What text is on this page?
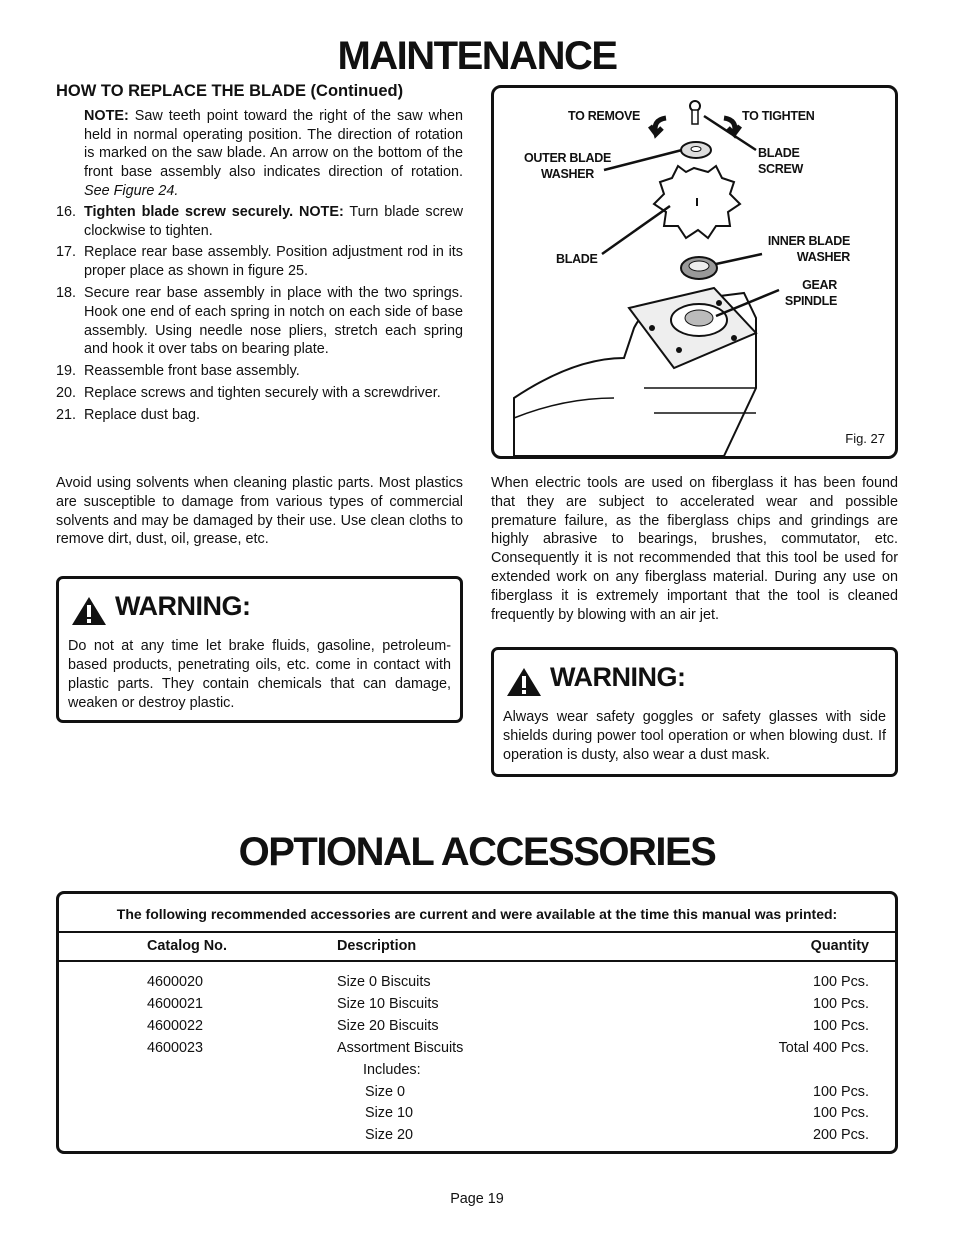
MAINTENANCE
HOW TO REPLACE THE BLADE (Continued)

NOTE: Saw teeth point toward the right of the saw when held in normal operating position. The direction of rotation is marked on the saw blade. An arrow on the bottom of the front base assembly also indicates direction of rotation. See Figure 24.

16. Tighten blade screw securely. NOTE: Turn blade screw clockwise to tighten.
17. Replace rear base assembly. Position adjustment rod in its proper place as shown in figure 25.
18. Secure rear base assembly in place with the two springs. Hook one end of each spring in notch on each side of base assembly. Using needle nose pliers, stretch each spring and hook it over tabs on bearing plate.
19. Reassemble front base assembly.
20. Replace screws and tighten securely with a screwdriver.
21. Replace dust bag.
TO REMOVE	TO TIGHTEN
OUTER BLADE
WASHER
BLADE
SCREW
BLADE
INNER BLADE
WASHER
GEAR
SPINDLE
Fig. 27
Avoid using solvents when cleaning plastic parts. Most plastics are susceptible to damage from various types of commercial solvents and may be damaged by their use. Use clean cloths to remove dirt, dust, oil, grease, etc.
When electric tools are used on fiberglass it has been found that they are subject to accelerated wear and possible premature failure, as the fiberglass chips and grindings are highly abrasive to bearings, brushes, commutator, etc. Consequently it is not recommended that this tool be used for extended work on any fiberglass material. During any use on fiberglass it is extremely important that the tool is cleaned frequently by blowing with an air jet.
WARNING:
Do not at any time let brake fluids, gasoline, petroleum-based products, penetrating oils, etc. come in contact with plastic parts. They contain chemicals that can damage, weaken or destroy plastic.
WARNING:
Always wear safety goggles or safety glasses with side shields during power tool operation or when blowing dust. If operation is dusty, also wear a dust mask.
OPTIONAL ACCESSORIES
The following recommended accessories are current and were available at the time this manual was printed:
Catalog No.	Description	Quantity
4600020	Size 0 Biscuits	100 Pcs.
4600021	Size 10 Biscuits	100 Pcs.
4600022	Size 20 Biscuits	100 Pcs.
4600023	Assortment Biscuits	Total 400 Pcs.
Includes:
Size 0	100 Pcs.
Size 10	100 Pcs.
Size 20	200 Pcs.
Page 19
